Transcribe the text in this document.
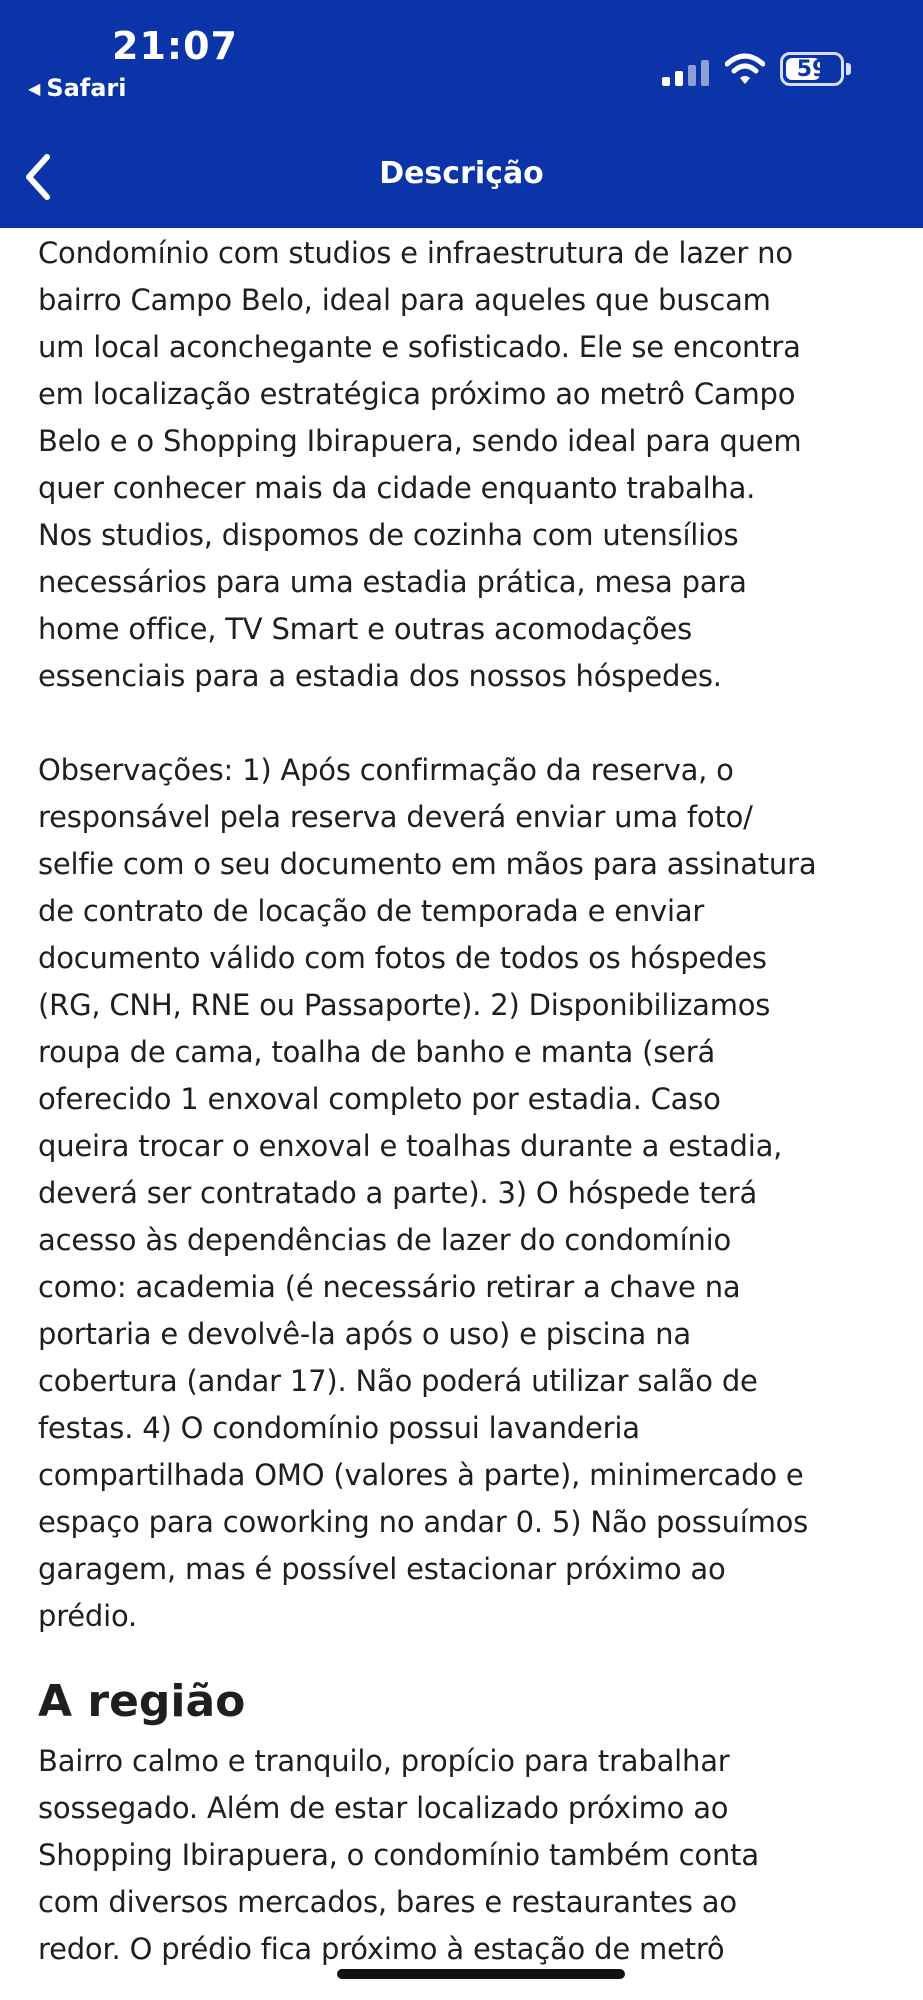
21:07
◀ Safari
59
Descrição

Condomínio com studios e infraestrutura de lazer no
bairro Campo Belo, ideal para aqueles que buscam
um local aconchegante e sofisticado. Ele se encontra
em localização estratégica próximo ao metrô Campo
Belo e o Shopping Ibirapuera, sendo ideal para quem
quer conhecer mais da cidade enquanto trabalha.
Nos studios, dispomos de cozinha com utensílios
necessários para uma estadia prática, mesa para
home office, TV Smart e outras acomodações
essenciais para a estadia dos nossos hóspedes.

Observações: 1) Após confirmação da reserva, o
responsável pela reserva deverá enviar uma foto/
selfie com o seu documento em mãos para assinatura
de contrato de locação de temporada e enviar
documento válido com fotos de todos os hóspedes
(RG, CNH, RNE ou Passaporte). 2) Disponibilizamos
roupa de cama, toalha de banho e manta (será
oferecido 1 enxoval completo por estadia. Caso
queira trocar o enxoval e toalhas durante a estadia,
deverá ser contratado a parte). 3) O hóspede terá
acesso às dependências de lazer do condomínio
como: academia (é necessário retirar a chave na
portaria e devolvê-la após o uso) e piscina na
cobertura (andar 17). Não poderá utilizar salão de
festas. 4) O condomínio possui lavanderia
compartilhada OMO (valores à parte), minimercado e
espaço para coworking no andar 0. 5) Não possuímos
garagem, mas é possível estacionar próximo ao
prédio.

A região

Bairro calmo e tranquilo, propício para trabalhar
sossegado. Além de estar localizado próximo ao
Shopping Ibirapuera, o condomínio também conta
com diversos mercados, bares e restaurantes ao
redor. O prédio fica próximo à estação de metrô
